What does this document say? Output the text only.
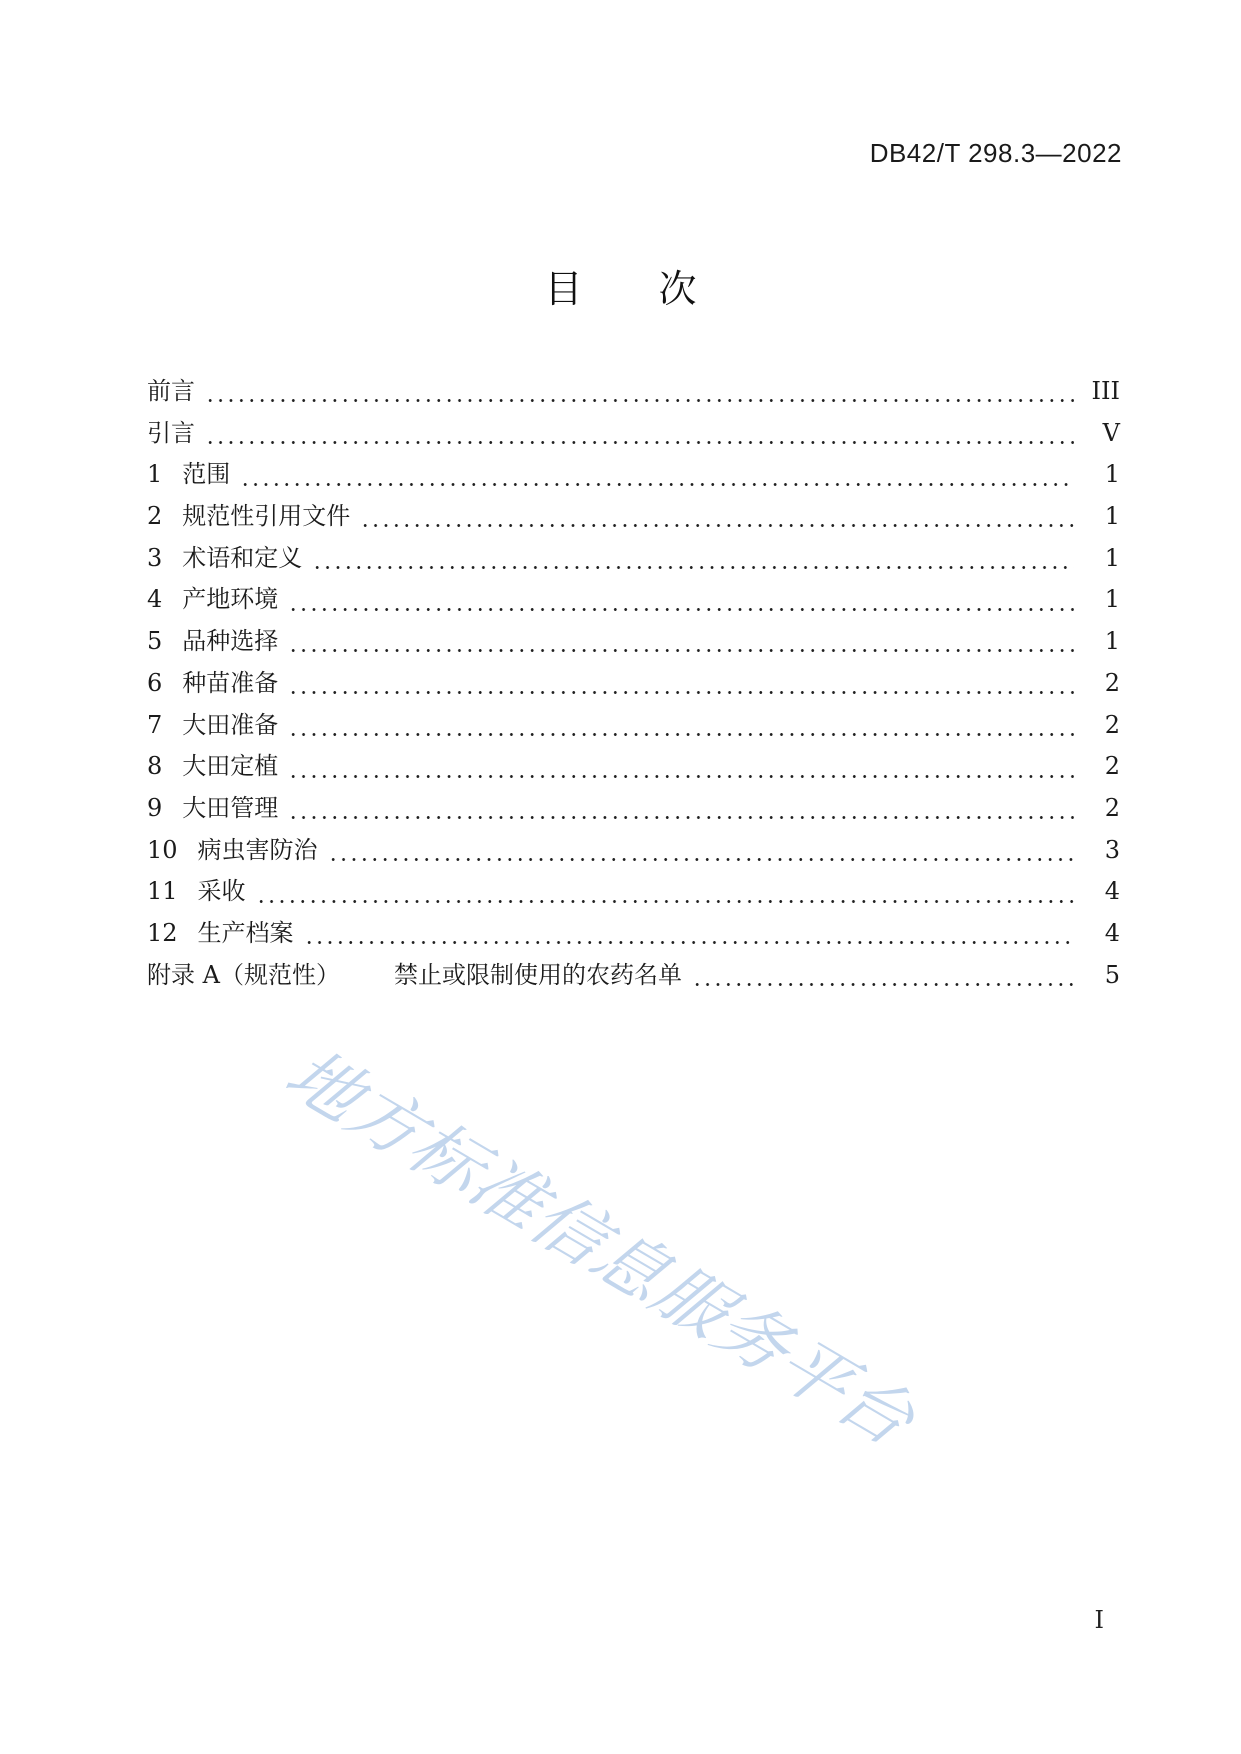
DB42/T 298.3—2022
目　　次
前言	III
引言	V
1 范围	1
2 规范性引用文件	1
3 术语和定义	1
4 产地环境	1
5 品种选择	1
6 种苗准备	2
7 大田准备	2
8 大田定植	2
9 大田管理	2
10 病虫害防治	3
11 采收	4
12 生产档案	4
附录 A（规范性） 禁止或限制使用的农药名单	5
地方标准信息服务平台
I
